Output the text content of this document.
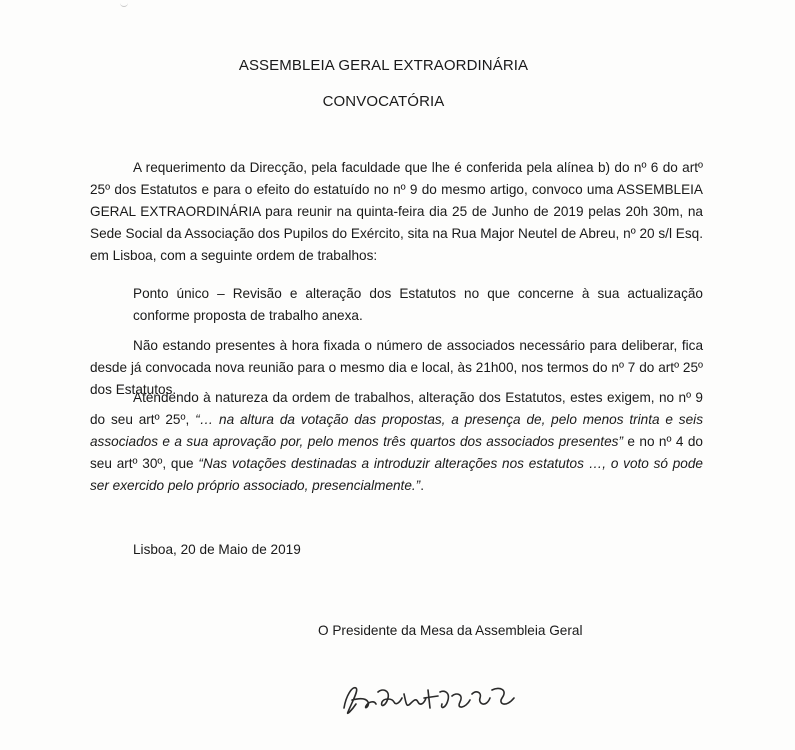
ASSEMBLEIA GERAL EXTRAORDINÁRIA
CONVOCATÓRIA
A requerimento da Direcção, pela faculdade que lhe é conferida pela alínea b) do nº 6 do artº 25º dos Estatutos e para o efeito do estatuído no nº 9 do mesmo artigo, convoco uma ASSEMBLEIA GERAL EXTRAORDINÁRIA para reunir na quinta-feira dia 25 de Junho de 2019 pelas 20h 30m, na Sede Social da Associação dos Pupilos do Exército, sita na Rua Major Neutel de Abreu, nº 20 s/l Esq. em Lisboa, com a seguinte ordem de trabalhos:
Ponto único – Revisão e alteração dos Estatutos no que concerne à sua actualização conforme proposta de trabalho anexa.
Não estando presentes à hora fixada o número de associados necessário para deliberar, fica desde já convocada nova reunião para o mesmo dia e local, às 21h00, nos termos do nº 7 do artº 25º dos Estatutos.
Atendendo à natureza da ordem de trabalhos, alteração dos Estatutos, estes exigem, no nº 9 do seu artº 25º, “… na altura da votação das propostas, a presença de, pelo menos trinta e seis associados e a sua aprovação por, pelo menos três quartos dos associados presentes” e no nº 4 do seu artº 30º, que “Nas votações destinadas a introduzir alterações nos estatutos …, o voto só pode ser exercido pelo próprio associado, presencialmente.”.
Lisboa, 20 de Maio de 2019
O Presidente da Mesa da Assembleia Geral
